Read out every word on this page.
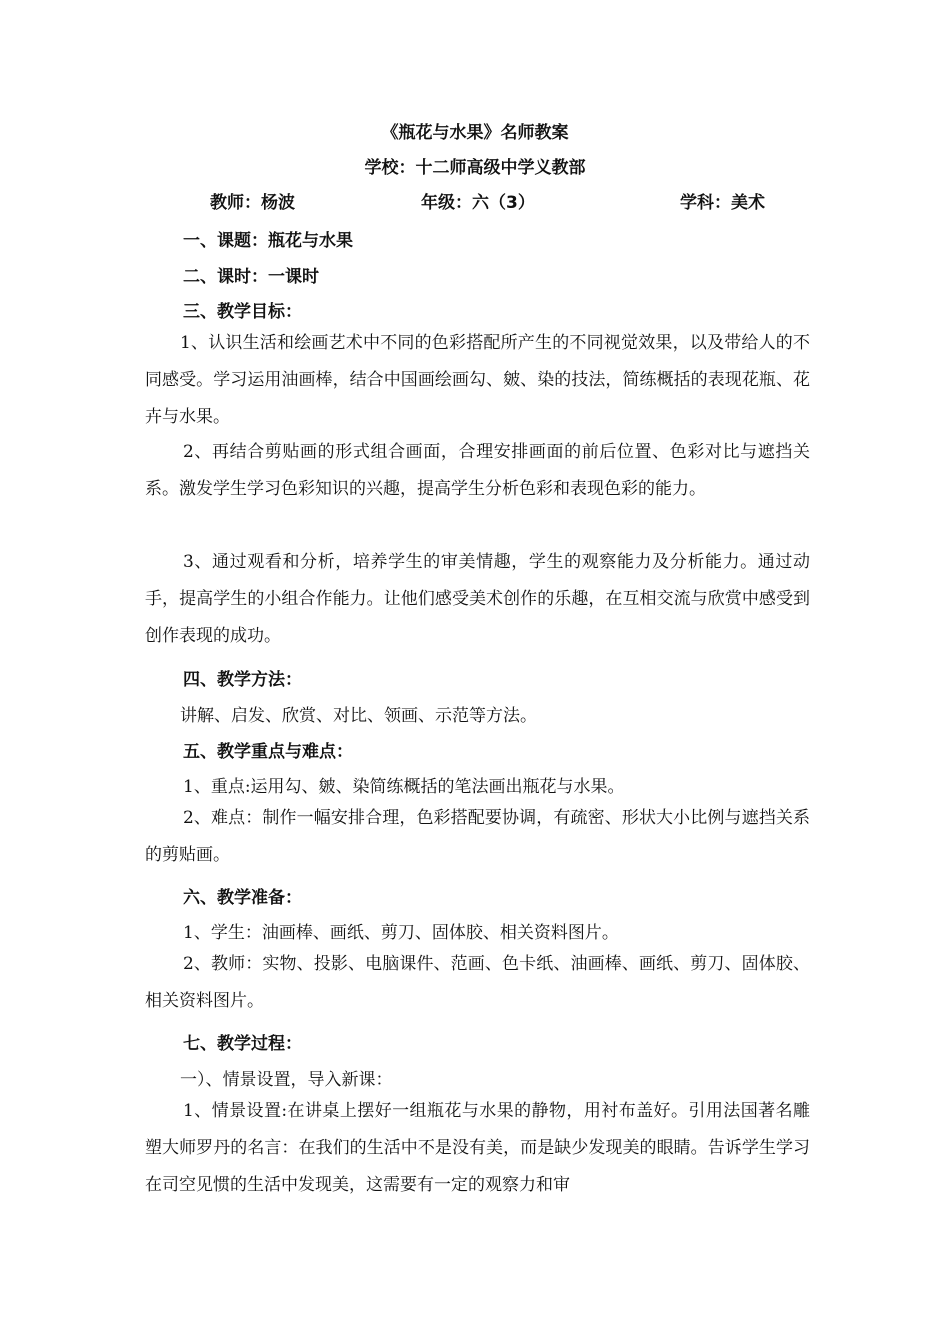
《瓶花与水果》名师教案
学校：十二师高级中学义教部
教师：杨波	年级：六（3）	学科：美术
一、课题：瓶花与水果
二、课时：一课时
三、教学目标：
1、认识生活和绘画艺术中不同的色彩搭配所产生的不同视觉效果，以及带给人的不同感受。学习运用油画棒，结合中国画绘画勾、皴、染的技法，简练概括的表现花瓶、花卉与水果。
2、再结合剪贴画的形式组合画面，合理安排画面的前后位置、色彩对比与遮挡关系。激发学生学习色彩知识的兴趣，提高学生分析色彩和表现色彩的能力。
3、通过观看和分析，培养学生的审美情趣，学生的观察能力及分析能力。通过动手，提高学生的小组合作能力。让他们感受美术创作的乐趣，在互相交流与欣赏中感受到创作表现的成功。
四、教学方法：
讲解、启发、欣赏、对比、领画、示范等方法。
五、教学重点与难点：
1、重点:运用勾、皴、染简练概括的笔法画出瓶花与水果。
2、难点：制作一幅安排合理，色彩搭配要协调，有疏密、形状大小比例与遮挡关系的剪贴画。
六、教学准备：
1、学生：油画棒、画纸、剪刀、固体胶、相关资料图片。
2、教师：实物、投影、电脑课件、范画、色卡纸、油画棒、画纸、剪刀、固体胶、相关资料图片。
七、教学过程：
一）、情景设置，导入新课：
1、情景设置:在讲桌上摆好一组瓶花与水果的静物，用衬布盖好。引用法国著名雕塑大师罗丹的名言：在我们的生活中不是没有美，而是缺少发现美的眼睛。告诉学生学习在司空见惯的生活中发现美，这需要有一定的观察力和审
